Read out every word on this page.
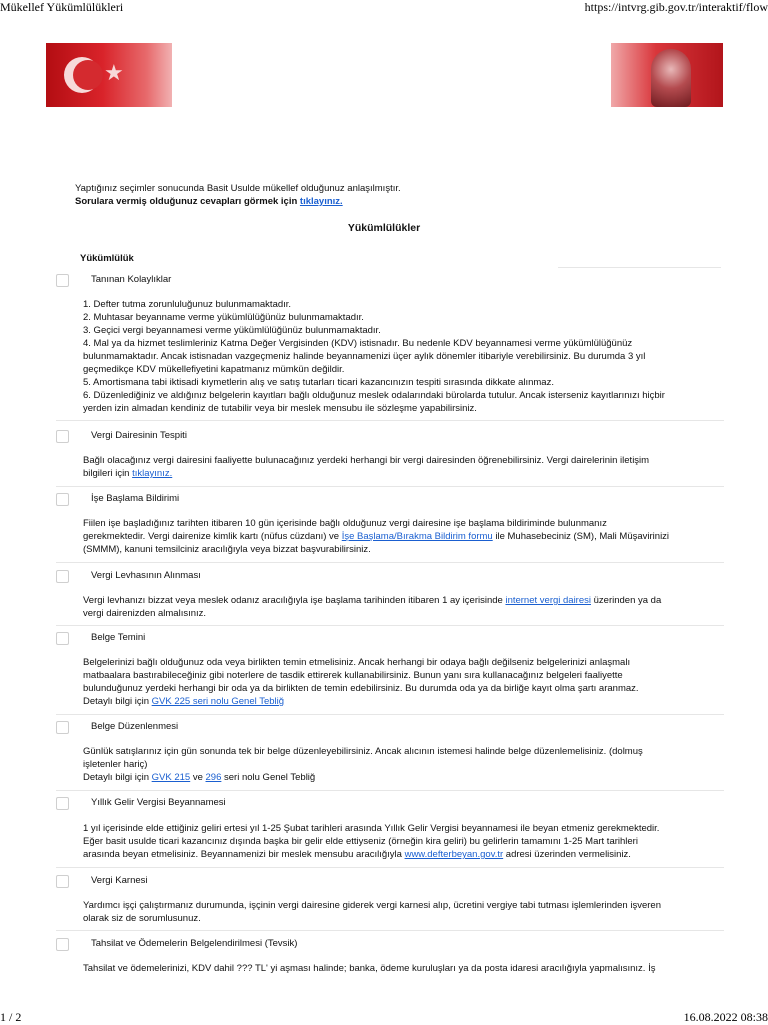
Mükellef Yükümlülükleri	https://intvrg.gib.gov.tr/interaktif/flow
★
Yaptığınız seçimler sonucunda Basit Usulde mükellef olduğunuz anlaşılmıştır.
Sorulara vermiş olduğunuz cevapları görmek için tıklayınız.
Yükümlülükler
Yükümlülük
Tanınan Kolaylıklar
1. Defter tutma zorunluluğunuz bulunmamaktadır.
2. Muhtasar beyanname verme yükümlülüğünüz bulunmamaktadır.
3. Geçici vergi beyannamesi verme yükümlülüğünüz bulunmamaktadır.
4. Mal ya da hizmet teslimleriniz Katma Değer Vergisinden (KDV) istisnadır. Bu nedenle KDV beyannamesi verme yükümlülüğünüz
bulunmamaktadır. Ancak istisnadan vazgeçmeniz halinde beyannamenizi üçer aylık dönemler itibariyle verebilirsiniz. Bu durumda 3 yıl
geçmedikçe KDV mükellefiyetini kapatmanız mümkün değildir.
5. Amortismana tabi iktisadi kıymetlerin alış ve satış tutarları ticari kazancınızın tespiti sırasında dikkate alınmaz.
6. Düzenlediğiniz ve aldığınız belgelerin kayıtları bağlı olduğunuz meslek odalarındaki bürolarda tutulur. Ancak isterseniz kayıtlarınızı hiçbir
yerden izin almadan kendiniz de tutabilir veya bir meslek mensubu ile sözleşme yapabilirsiniz.
Vergi Dairesinin Tespiti
Bağlı olacağınız vergi dairesini faaliyette bulunacağınız yerdeki herhangi bir vergi dairesinden öğrenebilirsiniz. Vergi dairelerinin iletişim
bilgileri için tıklayınız.
İşe Başlama Bildirimi
Fiilen işe başladığınız tarihten itibaren 10 gün içerisinde bağlı olduğunuz vergi dairesine işe başlama bildiriminde bulunmanız
gerekmektedir. Vergi dairenize kimlik kartı (nüfus cüzdanı) ve İşe Başlama/Bırakma Bildirim formu ile Muhasebeciniz (SM), Mali Müşavirinizi
(SMMM), kanuni temsilciniz aracılığıyla veya bizzat başvurabilirsiniz.
Vergi Levhasının Alınması
Vergi levhanızı bizzat veya meslek odanız aracılığıyla işe başlama tarihinden itibaren 1 ay içerisinde internet vergi dairesi üzerinden ya da
vergi dairenizden almalısınız.
Belge Temini
Belgelerinizi bağlı olduğunuz oda veya birlikten temin etmelisiniz. Ancak herhangi bir odaya bağlı değilseniz belgelerinizi anlaşmalı
matbaalara bastırabileceğiniz gibi noterlere de tasdik ettirerek kullanabilirsiniz. Bunun yanı sıra kullanacağınız belgeleri faaliyette
bulunduğunuz yerdeki herhangi bir oda ya da birlikten de temin edebilirsiniz. Bu durumda oda ya da birliğe kayıt olma şartı aranmaz.
Detaylı bilgi için GVK 225 seri nolu Genel Tebliğ
Belge Düzenlenmesi
Günlük satışlarınız için gün sonunda tek bir belge düzenleyebilirsiniz. Ancak alıcının istemesi halinde belge düzenlemelisiniz. (dolmuş
işletenler hariç)
Detaylı bilgi için GVK 215 ve 296 seri nolu Genel Tebliğ
Yıllık Gelir Vergisi Beyannamesi
1 yıl içerisinde elde ettiğiniz geliri ertesi yıl 1-25 Şubat tarihleri arasında Yıllık Gelir Vergisi beyannamesi ile beyan etmeniz gerekmektedir.
Eğer basit usulde ticari kazancınız dışında başka bir gelir elde ettiyseniz (örneğin kira geliri) bu gelirlerin tamamını 1-25 Mart tarihleri
arasında beyan etmelisiniz. Beyannamenizi bir meslek mensubu aracılığıyla www.defterbeyan.gov.tr adresi üzerinden vermelisiniz.
Vergi Karnesi
Yardımcı işçi çalıştırmanız durumunda, işçinin vergi dairesine giderek vergi karnesi alıp, ücretini vergiye tabi tutması işlemlerinden işveren
olarak siz de sorumlusunuz.
Tahsilat ve Ödemelerin Belgelendirilmesi (Tevsik)
Tahsilat ve ödemelerinizi, KDV dahil ??? TL' yi aşması halinde; banka, ödeme kuruluşları ya da posta idaresi aracılığıyla yapmalısınız. İş
1 / 2	16.08.2022 08:38
